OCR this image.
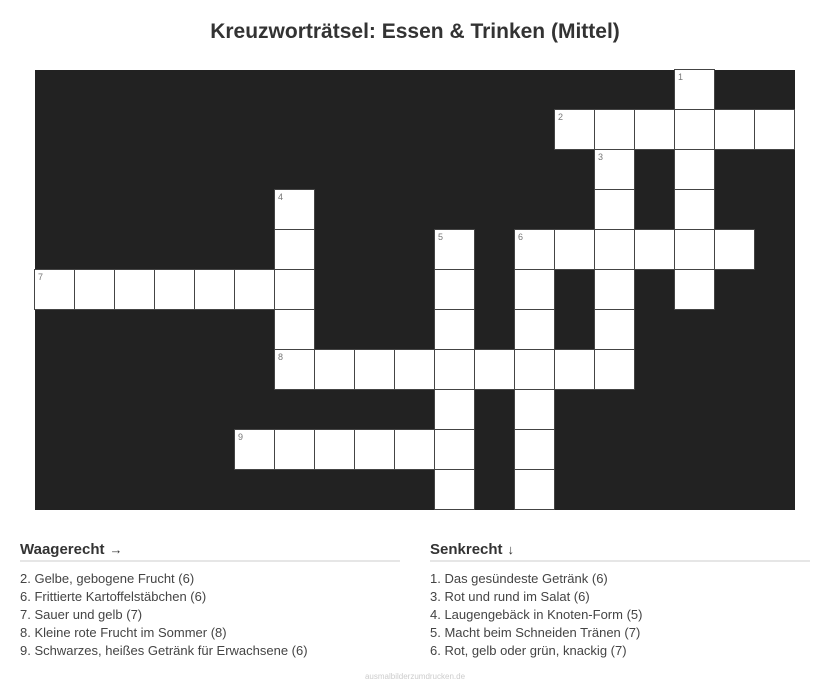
Kreuzworträtsel: Essen & Trinken (Mittel)
1
2
3
4
8
5	6
7
9
Waagerecht →
2. Gelbe, gebogene Frucht (6)
6. Frittierte Kartoffelstäbchen (6)
7. Sauer und gelb (7)
8. Kleine rote Frucht im Sommer (8)
9. Schwarzes, heißes Getränk für Erwachsene (6)
Senkrecht ↓
1. Das gesündeste Getränk (6)
3. Rot und rund im Salat (6)
4. Laugengebäck in Knoten-Form (5)
5. Macht beim Schneiden Tränen (7)
6. Rot, gelb oder grün, knackig (7)
ausmalbilderzumdrucken.de
